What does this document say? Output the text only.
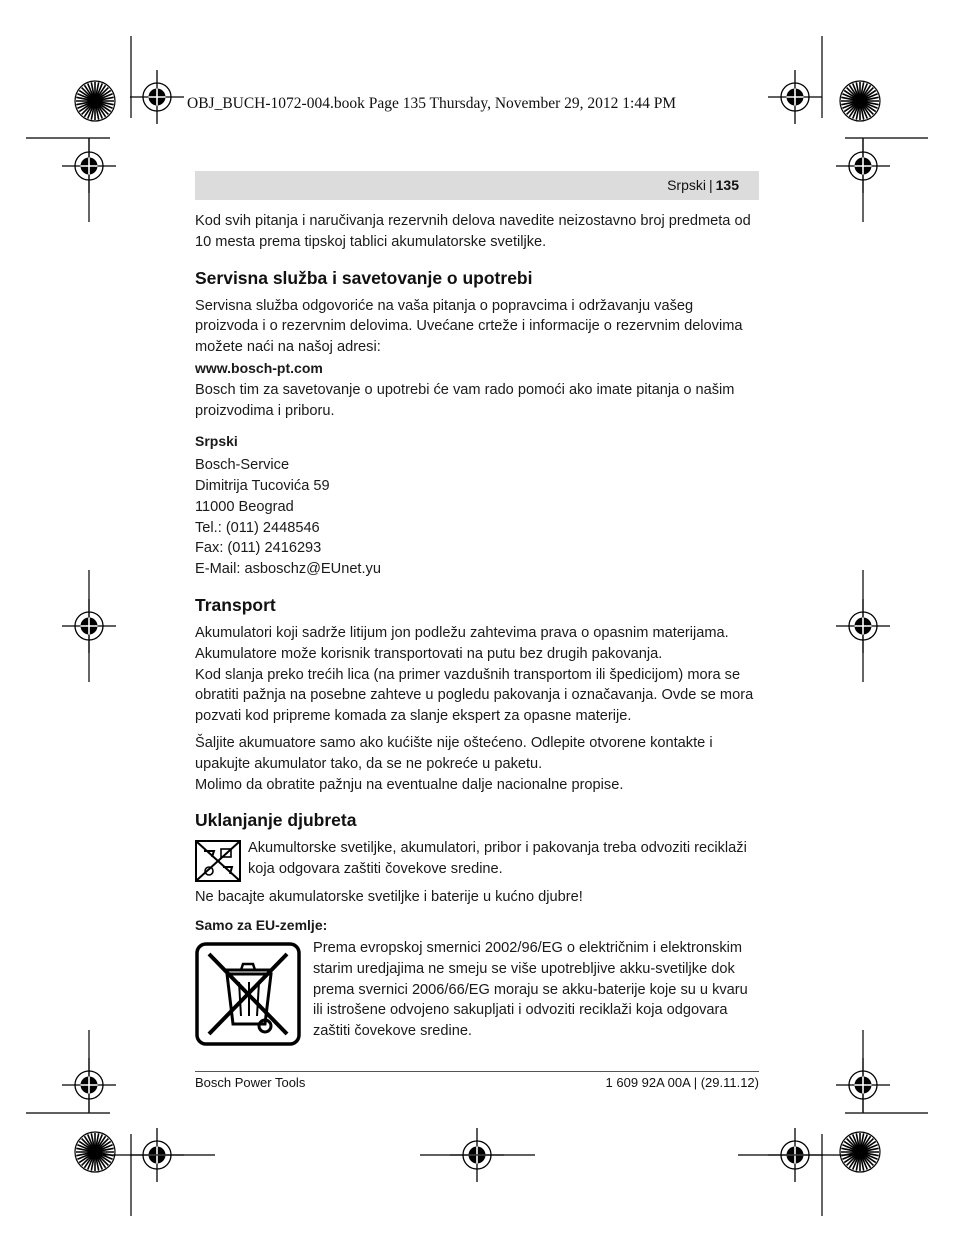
OBJ_BUCH-1072-004.book Page 135 Thursday, November 29, 2012 1:44 PM
Srpski | 135

Kod svih pitanja i naručivanja rezervnih delova navedite neizostavno broj predmeta od 10 mesta prema tipskoj tablici akumulatorske svetiljke.

Servisna služba i savetovanje o upotrebi

Servisna služba odgovoriće na vaša pitanja o popravcima i održavanju vašeg proizvoda i o rezervnim delovima. Uvećane crteže i informacije o rezervnim delovima možete naći na našoj adresi:

www.bosch-pt.com

Bosch tim za savetovanje o upotrebi će vam rado pomoći ako imate pitanja o našim proizvodima i priboru.

Srpski

Bosch-Service

Dimitrija Tucovića 59

11000 Beograd

Tel.: (011) 2448546

Fax: (011) 2416293

E-Mail: asboschz@EUnet.yu

Transport

Akumulatori koji sadrže litijum jon podležu zahtevima prava o opasnim materijama. Akumulatore može korisnik transportovati na putu bez drugih pakovanja.

Kod slanja preko trećih lica (na primer vazdušnih transportom ili špedicijom) mora se obratiti pažnja na posebne zahteve u pogledu pakovanja i označavanja. Ovde se mora pozvati kod pripreme komada za slanje ekspert za opasne materije.

Šaljite akumuatore samo ako kućište nije oštećeno. Odlepite otvorene kontakte i upakujte akumulator tako, da se ne pokreće u paketu.

Molimo da obratite pažnju na eventualne dalje nacionalne propise.

Uklanjanje djubreta

Akumultorske svetiljke, akumulatori, pribor i pakovanja treba odvoziti reciklaži koja odgovara zaštiti čovekove sredine.

Ne bacajte akumulatorske svetiljke i baterije u kućno djubre!

Samo za EU-zemlje:

Prema evropskoj smernici 2002/96/EG o električnim i elektronskim starim uredjajima ne smeju se više upotrebljive akku-svetiljke dok prema svernici 2006/66/EG moraju se akku-baterije koje su u kvaru ili istrošene odvojeno sakupljati i odvoziti reciklaži koja odgovara zaštiti čovekove sredine.

Bosch Power Tools	1 609 92A 00A | (29.11.12)
